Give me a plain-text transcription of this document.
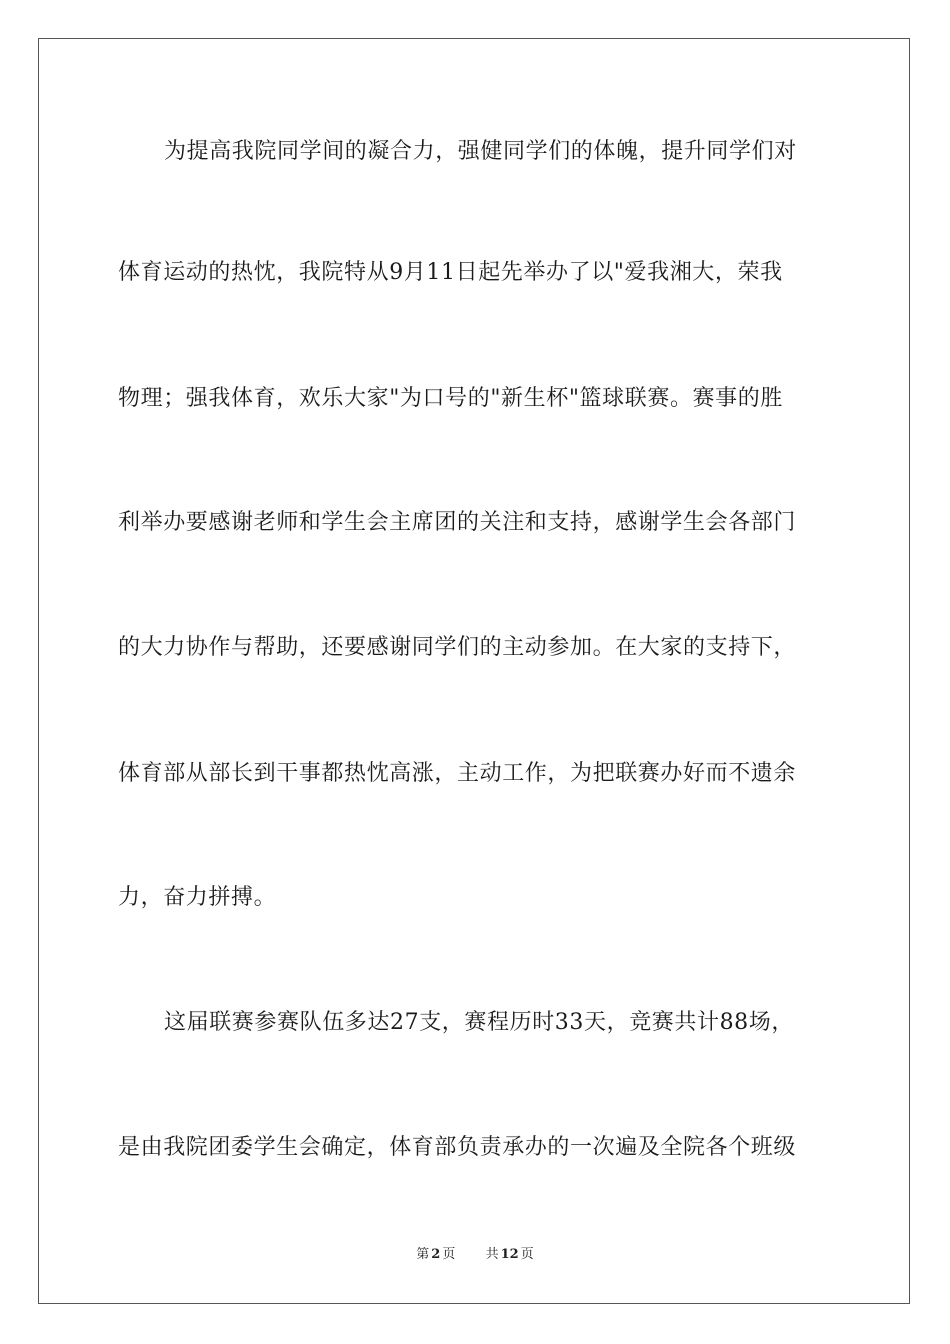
为提高我院同学间的凝合力，强健同学们的体魄，提升同学们对
体育运动的热忱，我院特从9月11日起先举办了以"爱我湘大，荣我
物理；强我体育，欢乐大家"为口号的"新生杯"篮球联赛。赛事的胜
利举办要感谢老师和学生会主席团的关注和支持，感谢学生会各部门
的大力协作与帮助，还要感谢同学们的主动参加。在大家的支持下，
体育部从部长到干事都热忱高涨，主动工作，为把联赛办好而不遗余
力，奋力拼搏。
这届联赛参赛队伍多达27支，赛程历时33天，竞赛共计88场，
是由我院团委学生会确定，体育部负责承办的一次遍及全院各个班级
第 2 页 共 12 页
